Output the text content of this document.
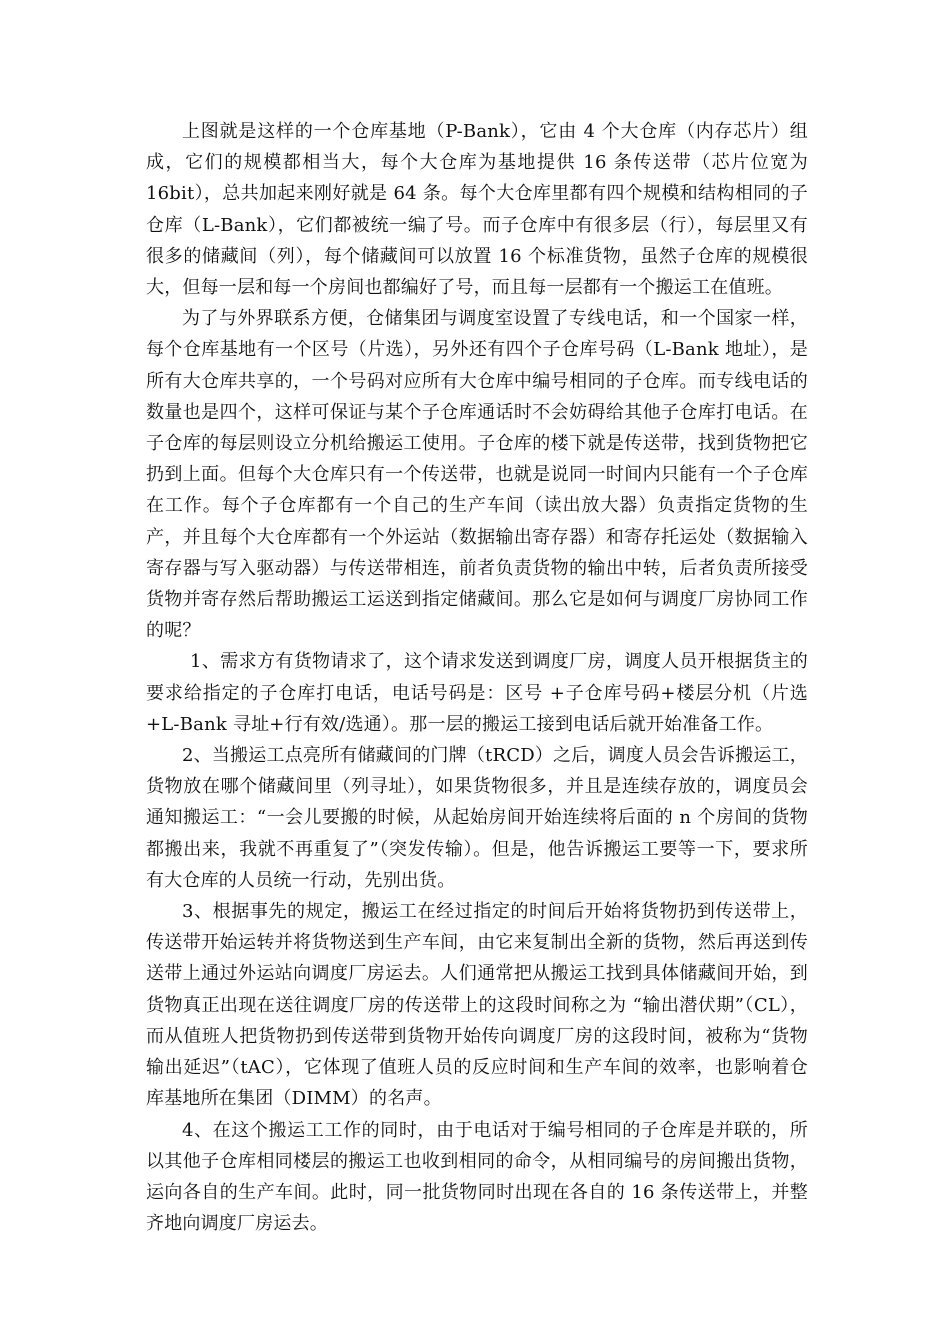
上图就是这样的一个仓库基地（P-Bank），它由 4 个大仓库（内存芯片）组成，它们的规模都相当大，每个大仓库为基地提供 16 条传送带（芯片位宽为 16bit），总共加起来刚好就是 64 条。每个大仓库里都有四个规模和结构相同的子仓库（L-Bank），它们都被统一编了号。而子仓库中有很多层（行），每层里又有很多的储藏间（列），每个储藏间可以放置 16 个标准货物，虽然子仓库的规模很大，但每一层和每一个房间也都编好了号，而且每一层都有一个搬运工在值班。

为了与外界联系方便，仓储集团与调度室设置了专线电话，和一个国家一样，每个仓库基地有一个区号（片选），另外还有四个子仓库号码（L-Bank 地址），是所有大仓库共享的，一个号码对应所有大仓库中编号相同的子仓库。而专线电话的数量也是四个，这样可保证与某个子仓库通话时不会妨碍给其他子仓库打电话。在子仓库的每层则设立分机给搬运工使用。子仓库的楼下就是传送带，找到货物把它扔到上面。但每个大仓库只有一个传送带，也就是说同一时间内只能有一个子仓库在工作。每个子仓库都有一个自己的生产车间（读出放大器）负责指定货物的生产，并且每个大仓库都有一个外运站（数据输出寄存器）和寄存托运处（数据输入寄存器与写入驱动器）与传送带相连，前者负责货物的输出中转，后者负责所接受货物并寄存然后帮助搬运工运送到指定储藏间。那么它是如何与调度厂房协同工作的呢？

1、需求方有货物请求了，这个请求发送到调度厂房，调度人员开根据货主的要求给指定的子仓库打电话，电话号码是：区号 +子仓库号码+楼层分机（片选+L-Bank 寻址+行有效/选通）。那一层的搬运工接到电话后就开始准备工作。

2、当搬运工点亮所有储藏间的门牌（tRCD）之后，调度人员会告诉搬运工，货物放在哪个储藏间里（列寻址），如果货物很多，并且是连续存放的，调度员会通知搬运工：“一会儿要搬的时候，从起始房间开始连续将后面的 n 个房间的货物都搬出来，我就不再重复了”（突发传输）。但是，他告诉搬运工要等一下，要求所有大仓库的人员统一行动，先别出货。

3、根据事先的规定，搬运工在经过指定的时间后开始将货物扔到传送带上，传送带开始运转并将货物送到生产车间，由它来复制出全新的货物，然后再送到传送带上通过外运站向调度厂房运去。人们通常把从搬运工找到具体储藏间开始，到货物真正出现在送往调度厂房的传送带上的这段时间称之为 “输出潜伏期”（CL），而从值班人把货物扔到传送带到货物开始传向调度厂房的这段时间，被称为“货物输出延迟”（tAC），它体现了值班人员的反应时间和生产车间的效率，也影响着仓库基地所在集团（DIMM）的名声。

4、在这个搬运工工作的同时，由于电话对于编号相同的子仓库是并联的，所以其他子仓库相同楼层的搬运工也收到相同的命令，从相同编号的房间搬出货物，运向各自的生产车间。此时，同一批货物同时出现在各自的 16 条传送带上，并整齐地向调度厂房运去。
